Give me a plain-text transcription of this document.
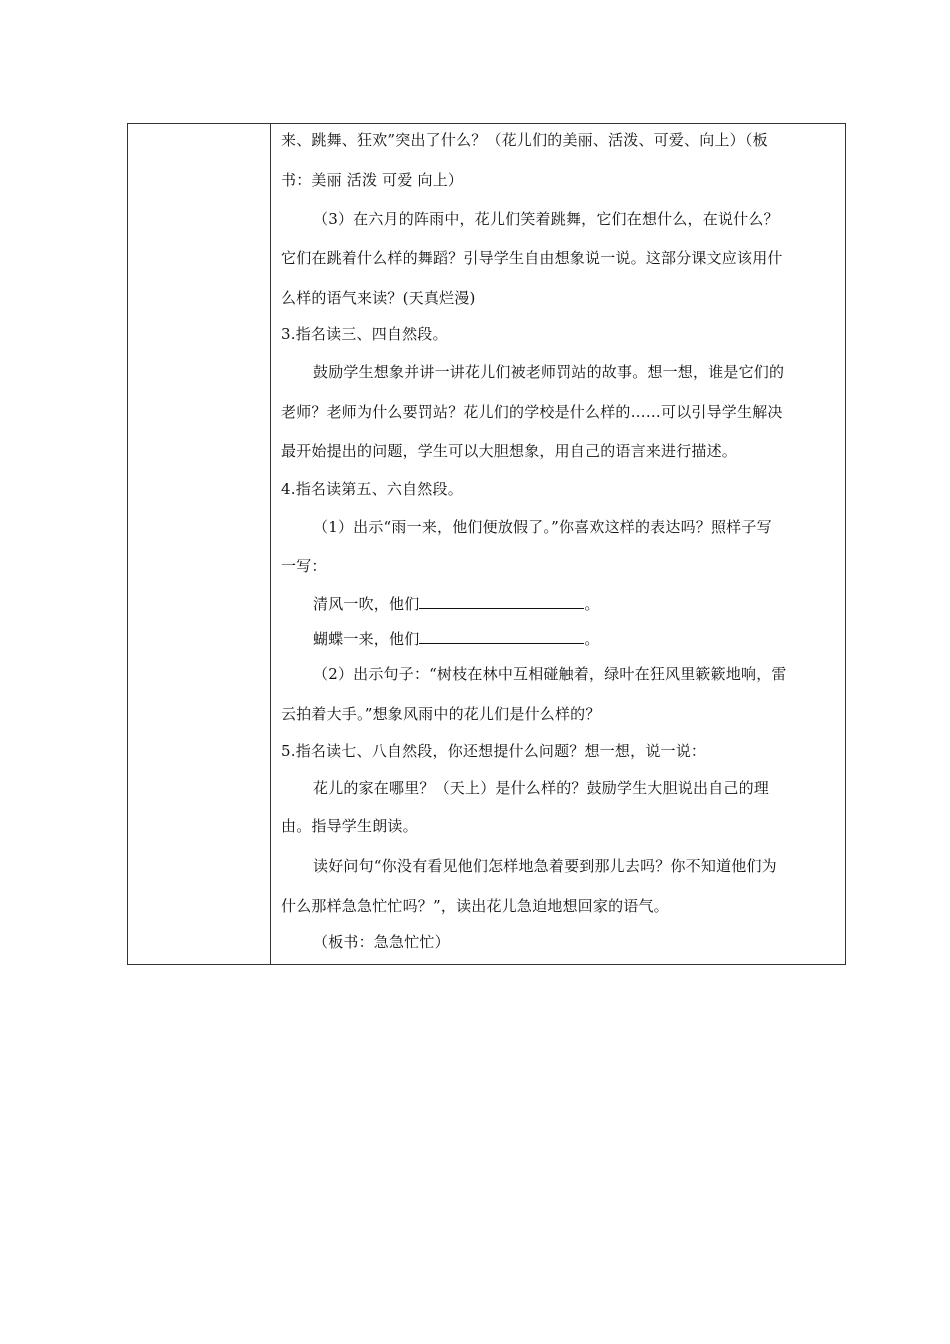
来、跳舞、狂欢”突出了什么？（花儿们的美丽、活泼、可爱、向上）（板
书：美丽 活泼 可爱 向上）
（3）在六月的阵雨中，花儿们笑着跳舞，它们在想什么，在说什么？
它们在跳着什么样的舞蹈？引导学生自由想象说一说。这部分课文应该用什
么样的语气来读？(天真烂漫)
3.指名读三、四自然段。
鼓励学生想象并讲一讲花儿们被老师罚站的故事。想一想，谁是它们的
老师？老师为什么要罚站？花儿们的学校是什么样的……可以引导学生解决
最开始提出的问题，学生可以大胆想象，用自己的语言来进行描述。
4.指名读第五、六自然段。
（1）出示“雨一来，他们便放假了。”你喜欢这样的表达吗？照样子写
一写：
清风一吹，他们	。
蝴蝶一来，他们	。
（2）出示句子：“树枝在林中互相碰触着，绿叶在狂风里簌簌地响，雷
云拍着大手。”想象风雨中的花儿们是什么样的？
5.指名读七、八自然段，你还想提什么问题？想一想，说一说：
花儿的家在哪里？（天上）是什么样的？鼓励学生大胆说出自己的理
由。指导学生朗读。
读好问句“你没有看见他们怎样地急着要到那儿去吗？你不知道他们为
什么那样急急忙忙吗？”，读出花儿急迫地想回家的语气。
（板书：急急忙忙）
